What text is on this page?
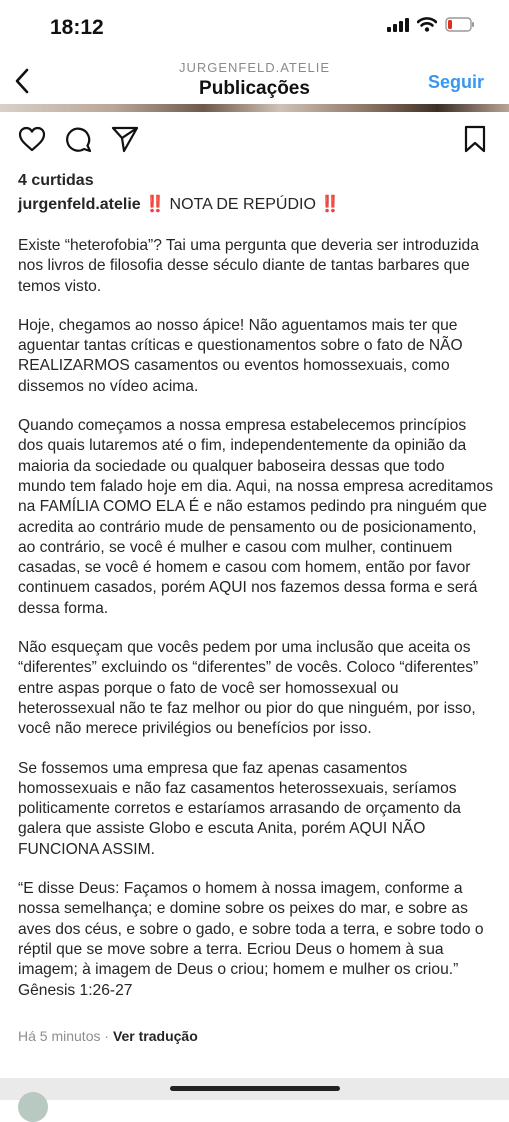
18:12
JURGENFELD.ATELIE
Publicações	Seguir
4 curtidas
jurgenfeld.atelie ‼️ NOTA DE REPÚDIO ‼️

Existe “heterofobia”? Tai uma pergunta que deveria ser introduzida nos livros de filosofia desse século diante de tantas barbares que temos visto.

Hoje, chegamos ao nosso ápice! Não aguentamos mais ter que aguentar tantas críticas e questionamentos sobre o fato de NÃO REALIZARMOS casamentos ou eventos homossexuais, como dissemos no vídeo acima.

Quando começamos a nossa empresa estabelecemos princípios dos quais lutaremos até o fim, independentemente da opinião da maioria da sociedade ou qualquer baboseira dessas que todo mundo tem falado hoje em dia. Aqui, na nossa empresa acreditamos na FAMÍLIA COMO ELA É e não estamos pedindo pra ninguém que acredita ao contrário mude de pensamento ou de posicionamento, ao contrário, se você é mulher e casou com mulher, continuem casadas, se você é homem e casou com homem, então por favor continuem casados, porém AQUI nos fazemos dessa forma e será dessa forma.

Não esqueçam que vocês pedem por uma inclusão que aceita os “diferentes” excluindo os “diferentes” de vocês. Coloco “diferentes” entre aspas porque o fato de você ser homossexual ou heterossexual não te faz melhor ou pior do que ninguém, por isso, você não merece privilégios ou benefícios por isso.

Se fossemos uma empresa que faz apenas casamentos homossexuais e não faz casamentos heterossexuais, seríamos politicamente corretos e estaríamos arrasando de orçamento da galera que assiste Globo e escuta Anita, porém AQUI NÃO FUNCIONA ASSIM.

“E disse Deus: Façamos o homem à nossa imagem, conforme a nossa semelhança; e domine sobre os peixes do mar, e sobre as aves dos céus, e sobre o gado, e sobre toda a terra, e sobre todo o réptil que se move sobre a terra. Ecriou Deus o homem à sua imagem; à imagem de Deus o criou; homem e mulher os criou.” Gênesis 1:26-27

Há 5 minutos · Ver tradução
